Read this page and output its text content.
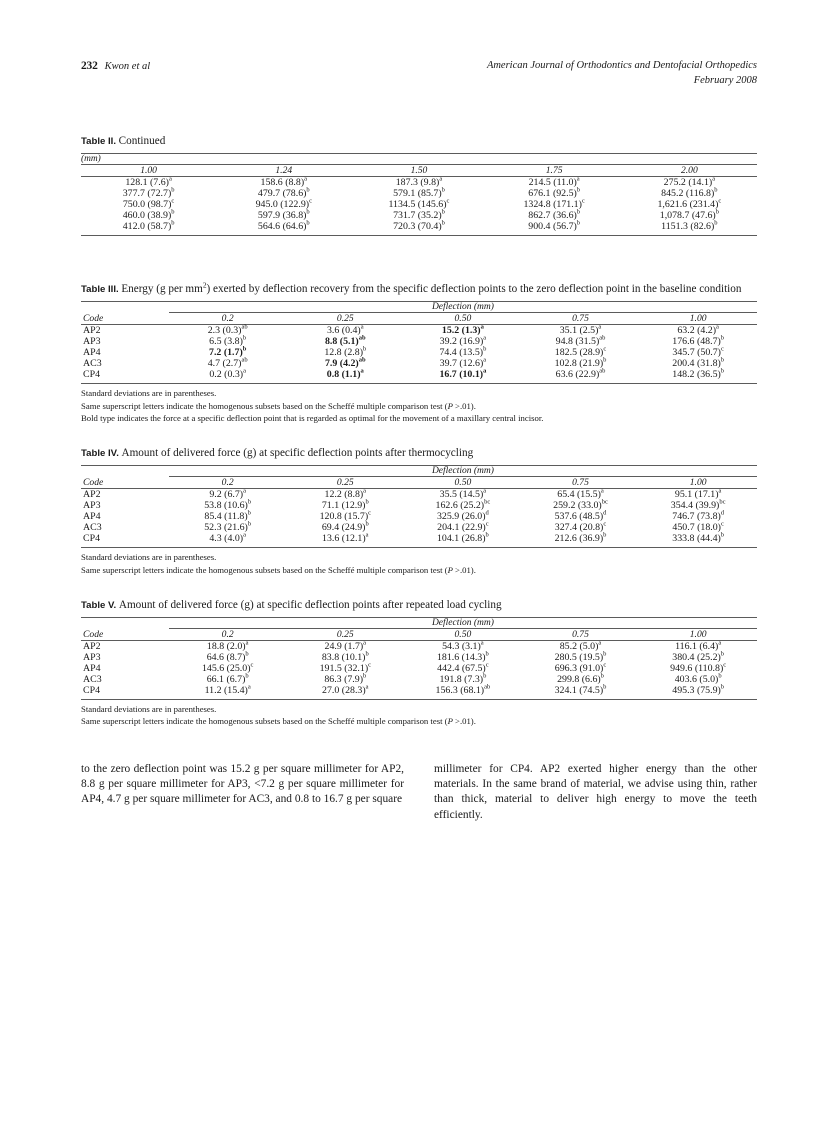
232 Kwon et al	American Journal of Orthodontics and Dentofacial Orthopedics
February 2008
Table II. Continued

(mm)				

1.00	1.24	1.50	1.75	2.00

128.1 $(7.6)^a$	158.6 $(8.8)^a$	187.3 $(9.8)^a$	214.5 $(11.0)^a$	275.2 $(14.1)^a$
377.7 $(72.7)^b$	479.7 $(78.6)^b$	579.1 $(85.7)^b$	676.1 $(92.5)^b$	845.2 $(116.8)^b$
750.0 $(98.7)^c$	945.0 $(122.9)^c$	1134.5 $(145.6)^c$	1324.8 $(171.1)^c$	1,621.6 $(231.4)^c$
460.0 $(38.9)^b$	597.9 $(36.8)^b$	731.7 $(35.2)^b$	862.7 $(36.6)^b$	1,078.7 $(47.6)^b$
412.0 $(58.7)^b$	564.6 $(64.6)^b$	720.3 $(70.4)^b$	900.4 $(56.7)^b$	1151.3 $(82.6)^b$

Table III. Energy (g per $mm^2$) exerted by deflection recovery from the specific deflection points to the zero deflection point in the baseline condition

	Deflection (mm)				
Code	0.2	0.25	0.50	0.75	1.00

AP2	2.3 $(0.3)^{ab}$	3.6 $(0.4)^a$	15.2 $(1.3)^a$	35.1 $(2.5)^a$	63.2 $(4.2)^a$
AP3	6.5 $(3.8)^b$	8.8 $(5.1)^{ab}$	39.2 $(16.9)^a$	94.8 $(31.5)^{ab}$	176.6 $(48.7)^b$
AP4	7.2 $(1.7)^b$	12.8 $(2.8)^b$	74.4 $(13.5)^b$	182.5 $(28.9)^c$	345.7 $(50.7)^c$
AC3	4.7 $(2.7)^{ab}$	7.9 $(4.2)^{ab}$	39.7 $(12.6)^a$	102.8 $(21.9)^b$	200.4 $(31.8)^b$
CP4	0.2 $(0.3)^a$	0.8 $(1.1)^a$	16.7 $(10.1)^a$	63.6 $(22.9)^{ab}$	148.2 $(36.5)^b$

Standard deviations are in parentheses.
Same superscript letters indicate the homogenous subsets based on the Scheffé multiple comparison test (P >.01).
Bold type indicates the force at a specific deflection point that is regarded as optimal for the movement of a maxillary central incisor.
Table IV. Amount of delivered force (g) at specific deflection points after thermocycling

	Deflection (mm)				
Code	0.2	0.25	0.50	0.75	1.00

AP2	9.2 $(6.7)^a$	12.2 $(8.8)^a$	35.5 $(14.5)^a$	65.4 $(15.5)^a$	95.1 $(17.1)^a$
AP3	53.8 $(10.6)^b$	71.1 $(12.9)^b$	162.6 $(25.2)^{bc}$	259.2 $(33.0)^{bc}$	354.4 $(39.9)^{bc}$
AP4	85.4 $(11.8)^b$	120.8 $(15.7)^c$	325.9 $(26.0)^d$	537.6 $(48.5)^d$	746.7 $(73.8)^d$
AC3	52.3 $(21.6)^b$	69.4 $(24.9)^b$	204.1 $(22.9)^c$	327.4 $(20.8)^c$	450.7 $(18.0)^c$
CP4	4.3 $(4.0)^a$	13.6 $(12.1)^a$	104.1 $(26.8)^b$	212.6 $(36.9)^b$	333.8 $(44.4)^b$

Standard deviations are in parentheses.
Same superscript letters indicate the homogenous subsets based on the Scheffé multiple comparison test (P >.01).
Table V. Amount of delivered force (g) at specific deflection points after repeated load cycling

	Deflection (mm)				
Code	0.2	0.25	0.50	0.75	1.00

AP2	18.8 $(2.0)^a$	24.9 $(1.7)^a$	54.3 $(3.1)^a$	85.2 $(5.0)^a$	116.1 $(6.4)^a$
AP3	64.6 $(8.7)^b$	83.8 $(10.1)^b$	181.6 $(14.3)^b$	280.5 $(19.5)^b$	380.4 $(25.2)^b$
AP4	145.6 $(25.0)^c$	191.5 $(32.1)^c$	442.4 $(67.5)^c$	696.3 $(91.0)^c$	949.6 $(110.8)^c$
AC3	66.1 $(6.7)^b$	86.3 $(7.9)^b$	191.8 $(7.3)^b$	299.8 $(6.6)^b$	403.6 $(5.0)^b$
CP4	11.2 $(15.4)^a$	27.0 $(28.3)^a$	156.3 $(68.1)^{ab}$	324.1 $(74.5)^b$	495.3 $(75.9)^b$

Standard deviations are in parentheses.
Same superscript letters indicate the homogenous subsets based on the Scheffé multiple comparison test (P >.01).

to the zero deflection point was 15.2 g per square millimeter for AP2, 8.8 g per square millimeter for AP3, <7.2 g per square millimeter for AP4, 4.7 g per square millimeter for AC3, and 0.8 to 16.7 g per square

millimeter for CP4. AP2 exerted higher energy than the other materials. In the same brand of material, we advise using thin, rather than thick, material to deliver high energy to move the teeth efficiently.
